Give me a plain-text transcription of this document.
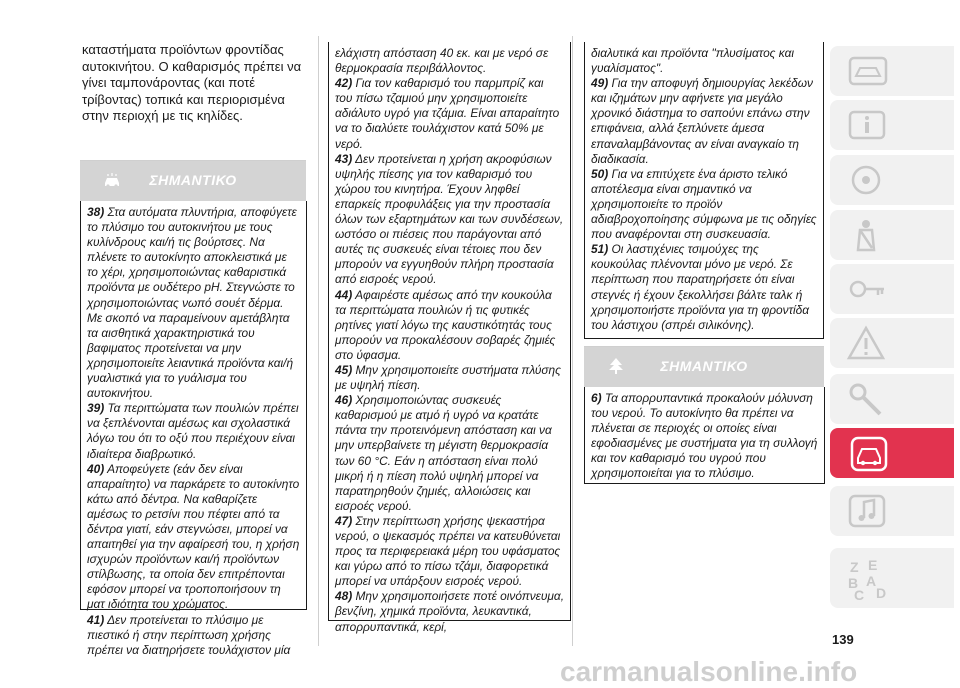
καταστήματα προϊόντων φροντίδας αυτοκινήτου. Ο καθαρισμός πρέπει να γίνει ταμπονάροντας (και ποτέ τρίβοντας) τοπικά και περιορισμένα στην περιοχή με τις κηλίδες.
ΣΗΜΑΝΤΙΚΟ

38) Στα αυτόματα πλυντήρια, αποφύγετε το πλύσιμο του αυτοκινήτου με τους κυλίνδρους και/ή τις βούρτσες. Να πλένετε το αυτοκίνητο αποκλειστικά με το χέρι, χρησιμοποιώντας καθαριστικά προϊόντα με ουδέτερο pH. Στεγνώστε το χρησιμοποιώντας νωπό σουέτ δέρμα. Με σκοπό να παραμείνουν αμετάβλητα τα αισθητικά χαρακτηριστικά του βαφιματος προτείνεται να μην χρησιμοποιείτε λειαντικά προϊόντα και/ή γυαλιστικά για το γυάλισμα του αυτοκινήτου.

39) Τα περιττώματα των πουλιών πρέπει να ξεπλένονται αμέσως και σχολαστικά λόγω του ότι το οξύ που περιέχουν είναι ιδιαίτερα διαβρωτικό.

40) Αποφεύγετε (εάν δεν είναι απαραίτητο) να παρκάρετε το αυτοκίνητο κάτω από δέντρα. Να καθαρίζετε αμέσως το ρετσίνι που πέφτει από τα δέντρα γιατί, εάν στεγνώσει, μπορεί να απαιτηθεί για την αφαίρεσή του, η χρήση ισχυρών προϊόντων και/ή προϊόντων στίλβωσης, τα οποία δεν επιτρέπονται εφόσον μπορεί να τροποποιήσουν τη ματ ιδιότητα του χρώματος.

41) Δεν προτείνεται το πλύσιμο με πιεστικό ή στην περίπτωση χρήσης πρέπει να διατηρήσετε τουλάχιστον μία

ελάχιστη απόσταση 40 εκ. και με νερό σε θερμοκρασία περιβάλλοντος.

42) Για τον καθαρισμό του παρμπρίζ και του πίσω τζαμιού μην χρησιμοποιείτε αδιάλυτο υγρό για τζάμια. Είναι απαραίτητο να το διαλύετε τουλάχιστον κατά 50% με νερό.

43) Δεν προτείνεται η χρήση ακροφύσιων υψηλής πίεσης για τον καθαρισμό του χώρου του κινητήρα. Έχουν ληφθεί επαρκείς προφυλάξεις για την προστασία όλων των εξαρτημάτων και των συνδέσεων, ωστόσο οι πιέσεις που παράγονται από αυτές τις συσκευές είναι τέτοιες που δεν μπορούν να εγγυηθούν πλήρη προστασία από εισροές νερού.

44) Αφαιρέστε αμέσως από την κουκούλα τα περιττώματα πουλιών ή τις φυτικές ρητίνες γιατί λόγω της καυστικότητάς τους μπορούν να προκαλέσουν σοβαρές ζημιές στο ύφασμα.

45) Μην χρησιμοποιείτε συστήματα πλύσης με υψηλή πίεση.

46) Χρησιμοποιώντας συσκευές καθαρισμού με ατμό ή υγρό να κρατάτε πάντα την προτεινόμενη απόσταση και να μην υπερβαίνετε τη μέγιστη θερμοκρασία των 60 °C. Εάν η απόσταση είναι πολύ μικρή ή η πίεση πολύ υψηλή μπορεί να παρατηρηθούν ζημιές, αλλοιώσεις και εισροές νερού.

47) Στην περίπτωση χρήσης ψεκαστήρα νερού, ο ψεκασμός πρέπει να κατευθύνεται προς τα περιφερειακά μέρη του υφάσματος και γύρω από το πίσω τζάμι, διαφορετικά μπορεί να υπάρξουν εισροές νερού.

48) Μην χρησιμοποιήσετε ποτέ οινόπνευμα, βενζίνη, χημικά προϊόντα, λευκαντικά, απορρυπαντικά, κερί,

διαλυτικά και προϊόντα "πλυσίματος και γυαλίσματος".

49) Για την αποφυγή δημιουργίας λεκέδων και ιζημάτων μην αφήνετε για μεγάλο χρονικό διάστημα το σαπούνι επάνω στην επιφάνεια, αλλά ξεπλύνετε άμεσα επαναλαμβάνοντας αν είναι αναγκαίο τη διαδικασία.

50) Για να επιτύχετε ένα άριστο τελικό αποτέλεσμα είναι σημαντικό να χρησιμοποιείτε το προϊόν αδιαβροχοποίησης σύμφωνα με τις οδηγίες που αναφέρονται στη συσκευασία.

51) Οι λαστιχένιες τσιμούχες της κουκούλας πλένονται μόνο με νερό. Σε περίπτωση που παρατηρήσετε ότι είναι στεγνές ή έχουν ξεκολλήσει βάλτε ταλκ ή χρησιμοποιήστε προϊόντα για τη φροντίδα του λάστιχου (σπρέι σιλικόνης).

ΣΗΜΑΝΤΙΚΟ

6) Τα απορρυπαντικά προκαλούν μόλυνση του νερού. Το αυτοκίνητο θα πρέπει να πλένεται σε περιοχές οι οποίες είναι εφοδιασμένες με συστήματα για τη συλλογή και τον καθαρισμό του υγρού που χρησιμοποιείται για το πλύσιμο.

Z E
B A
C D
139
carmanualsonline.info
